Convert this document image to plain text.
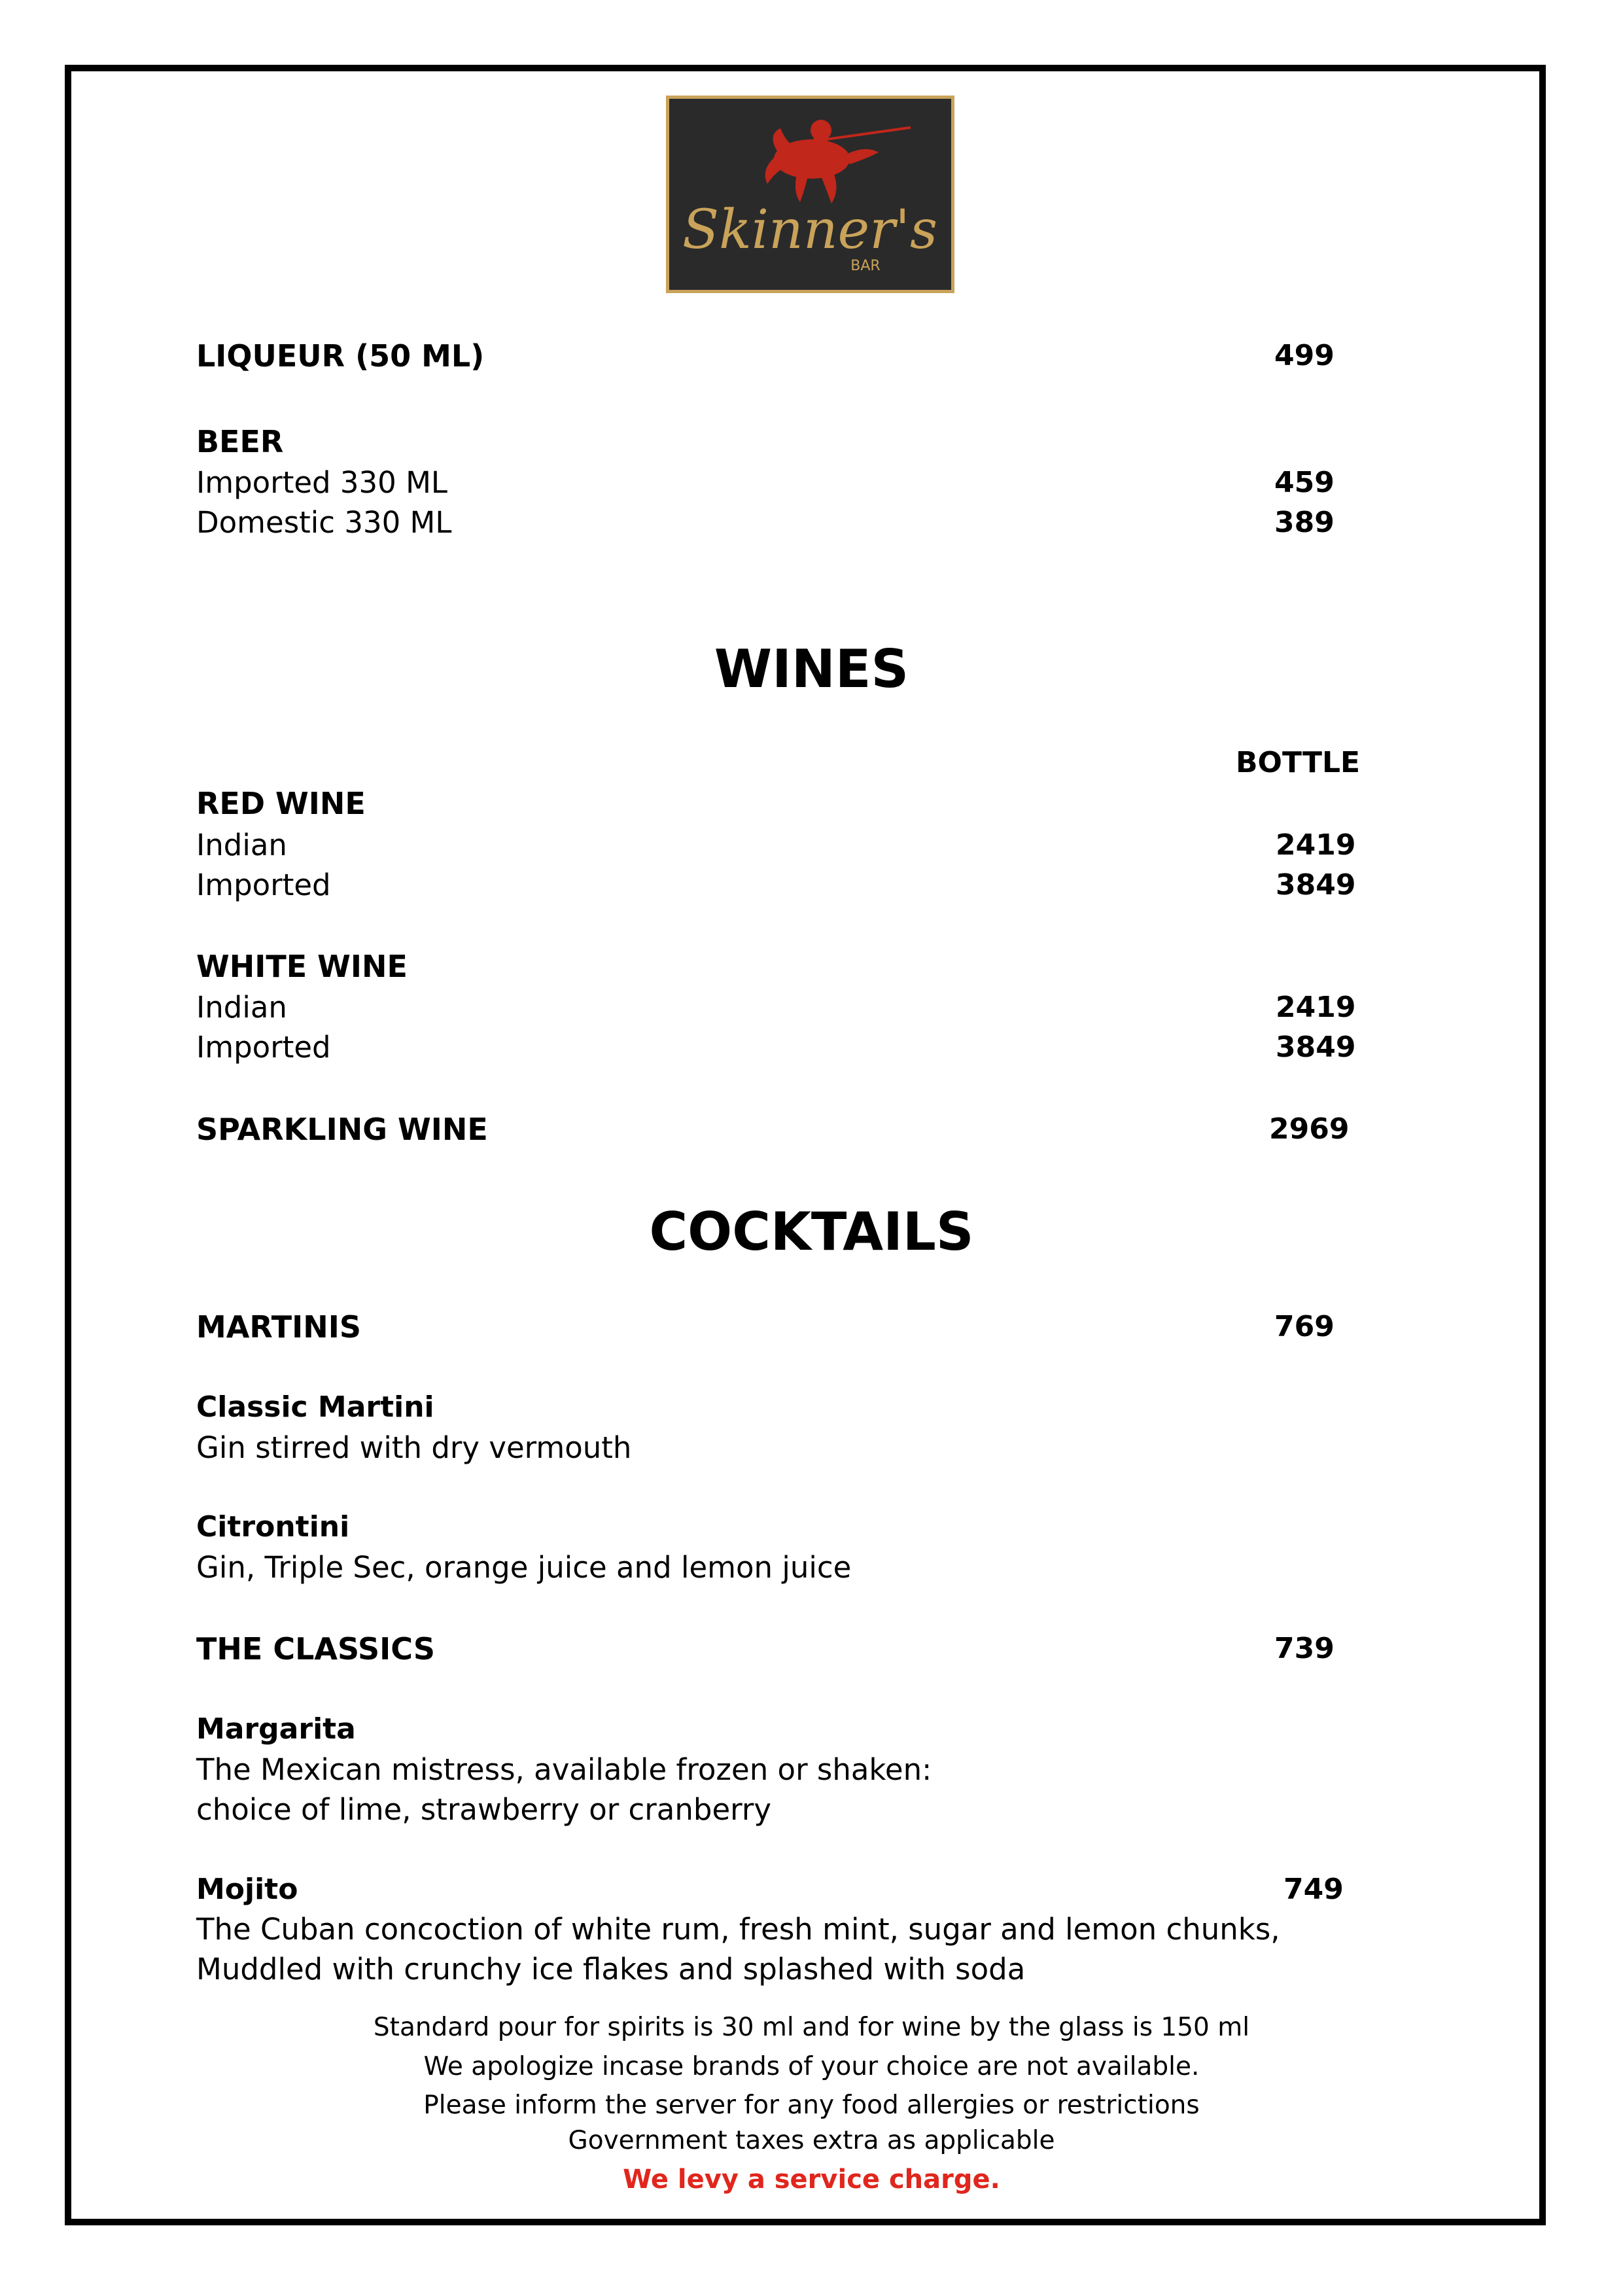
Skinner's
BAR
LIQUEUR (50 ML)	499
BEER
Imported 330 ML	459
Domestic 330 ML	389
WINES
BOTTLE
RED WINE
Indian	2419
Imported	3849
WHITE WINE
Indian	2419
Imported	3849
SPARKLING WINE	2969
COCKTAILS
MARTINIS	769
Classic Martini
Gin stirred with dry vermouth
Citrontini
Gin, Triple Sec, orange juice and lemon juice
THE CLASSICS	739
Margarita
The Mexican mistress, available frozen or shaken:
choice of lime, strawberry or cranberry
Mojito	749
The Cuban concoction of white rum, fresh mint, sugar and lemon chunks,
Muddled with crunchy ice flakes and splashed with soda
Standard pour for spirits is 30 ml and for wine by the glass is 150 ml
We apologize incase brands of your choice are not available.
Please inform the server for any food allergies or restrictions
Government taxes extra as applicable
We levy a service charge.
